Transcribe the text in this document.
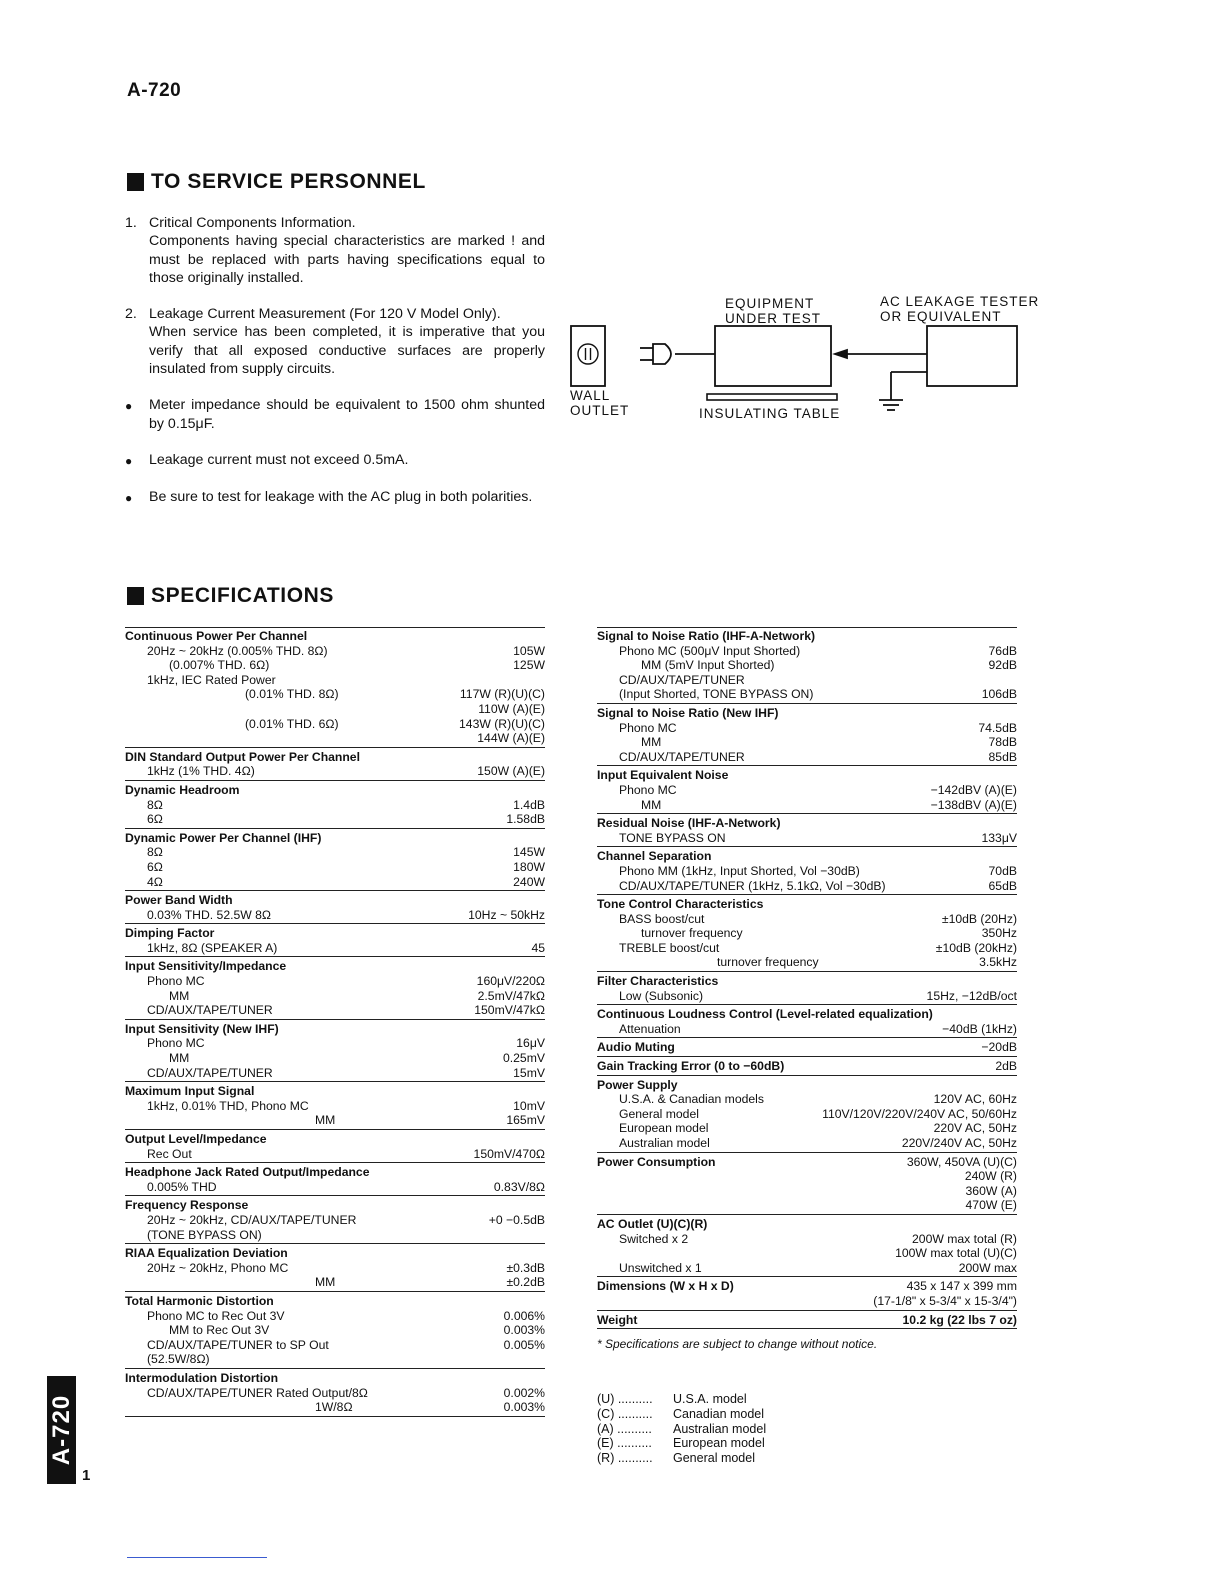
A-720
TO SERVICE PERSONNEL
1. Critical Components Information.
Components having special characteristics are marked ! and must be replaced with parts having specifications equal to those originally installed.
2. Leakage Current Measurement (For 120 V Model Only).
When service has been completed, it is imperative that you verify that all exposed conductive surfaces are properly insulated from supply circuits.
●	Meter impedance should be equivalent to 1500 ohm shunted by 0.15μF.
●	Leakage current must not exceed 0.5mA.
●	Be sure to test for leakage with the AC plug in both polarities.
EQUIPMENT
UNDER TEST
AC LEAKAGE TESTER
OR EQUIVALENT
WALL
OUTLET	INSULATING TABLE
SPECIFICATIONS
Continuous Power Per Channel
20Hz ~ 20kHz (0.005% THD. 8Ω)	105W
(0.007% THD. 6Ω)	125W
1kHz, IEC Rated Power
(0.01% THD. 8Ω)	117W (R)(U)(C)
110W (A)(E)
(0.01% THD. 6Ω)	143W (R)(U)(C)
144W (A)(E)
DIN Standard Output Power Per Channel
1kHz (1% THD. 4Ω)	150W (A)(E)
Dynamic Headroom
8Ω	1.4dB
6Ω	1.58dB
Dynamic Power Per Channel (IHF)
8Ω	145W
6Ω	180W
4Ω	240W
Power Band Width
0.03% THD. 52.5W 8Ω	10Hz ~ 50kHz
Dimping Factor
1kHz, 8Ω (SPEAKER A)	45
Input Sensitivity/Impedance
Phono MC	160μV/220Ω
MM	2.5mV/47kΩ
CD/AUX/TAPE/TUNER	150mV/47kΩ
Input Sensitivity (New IHF)
Phono MC	16μV
MM	0.25mV
CD/AUX/TAPE/TUNER	15mV
Maximum Input Signal
1kHz, 0.01% THD, Phono MC	10mV
MM	165mV
Output Level/Impedance
Rec Out	150mV/470Ω
Headphone Jack Rated Output/Impedance
0.005% THD	0.83V/8Ω
Frequency Response
20Hz ~ 20kHz, CD/AUX/TAPE/TUNER	+0 −0.5dB
(TONE BYPASS ON)
RIAA Equalization Deviation
20Hz ~ 20kHz, Phono MC	±0.3dB
MM	±0.2dB
Total Harmonic Distortion
Phono MC to Rec Out 3V	0.006%
MM to Rec Out 3V	0.003%
CD/AUX/TAPE/TUNER to SP Out	0.005%
(52.5W/8Ω)
Intermodulation Distortion
CD/AUX/TAPE/TUNER Rated Output/8Ω	0.002%
1W/8Ω	0.003%
Signal to Noise Ratio (IHF-A-Network)
Phono MC (500μV Input Shorted)	76dB
MM (5mV Input Shorted)	92dB
CD/AUX/TAPE/TUNER
(Input Shorted, TONE BYPASS ON)	106dB
Signal to Noise Ratio (New IHF)
Phono MC	74.5dB
MM	78dB
CD/AUX/TAPE/TUNER	85dB
Input Equivalent Noise
Phono MC	−142dBV (A)(E)
MM	−138dBV (A)(E)
Residual Noise (IHF-A-Network)
TONE BYPASS ON	133μV
Channel Separation
Phono MM (1kHz, Input Shorted, Vol −30dB)	70dB
CD/AUX/TAPE/TUNER (1kHz, 5.1kΩ, Vol −30dB)	65dB
Tone Control Characteristics
BASS boost/cut	±10dB (20Hz)
turnover frequency	350Hz
TREBLE boost/cut	±10dB (20kHz)
turnover frequency	3.5kHz
Filter Characteristics
Low (Subsonic)	15Hz, −12dB/oct
Continuous Loudness Control (Level-related equalization)
Attenuation	−40dB (1kHz)
Audio Muting	−20dB
Gain Tracking Error (0 to −60dB)	2dB
Power Supply
U.S.A. & Canadian models	120V AC, 60Hz
General model	110V/120V/220V/240V AC, 50/60Hz
European model	220V AC, 50Hz
Australian model	220V/240V AC, 50Hz
Power Consumption	360W, 450VA (U)(C)
240W (R)
360W (A)
470W (E)
AC Outlet (U)(C)(R)
Switched x 2	200W max total (R)
100W max total (U)(C)
Unswitched x 1	200W max
Dimensions (W x H x D)	435 x 147 x 399 mm
(17-1/8" x 5-3/4" x 15-3/4")
Weight	10.2 kg (22 lbs 7 oz)
* Specifications are subject to change without notice.
(U) ..........	U.S.A. model
(C) ..........	Canadian model
(A) ..........	Australian model
(E) ..........	European model
(R) ..........	General model
A-720
1
